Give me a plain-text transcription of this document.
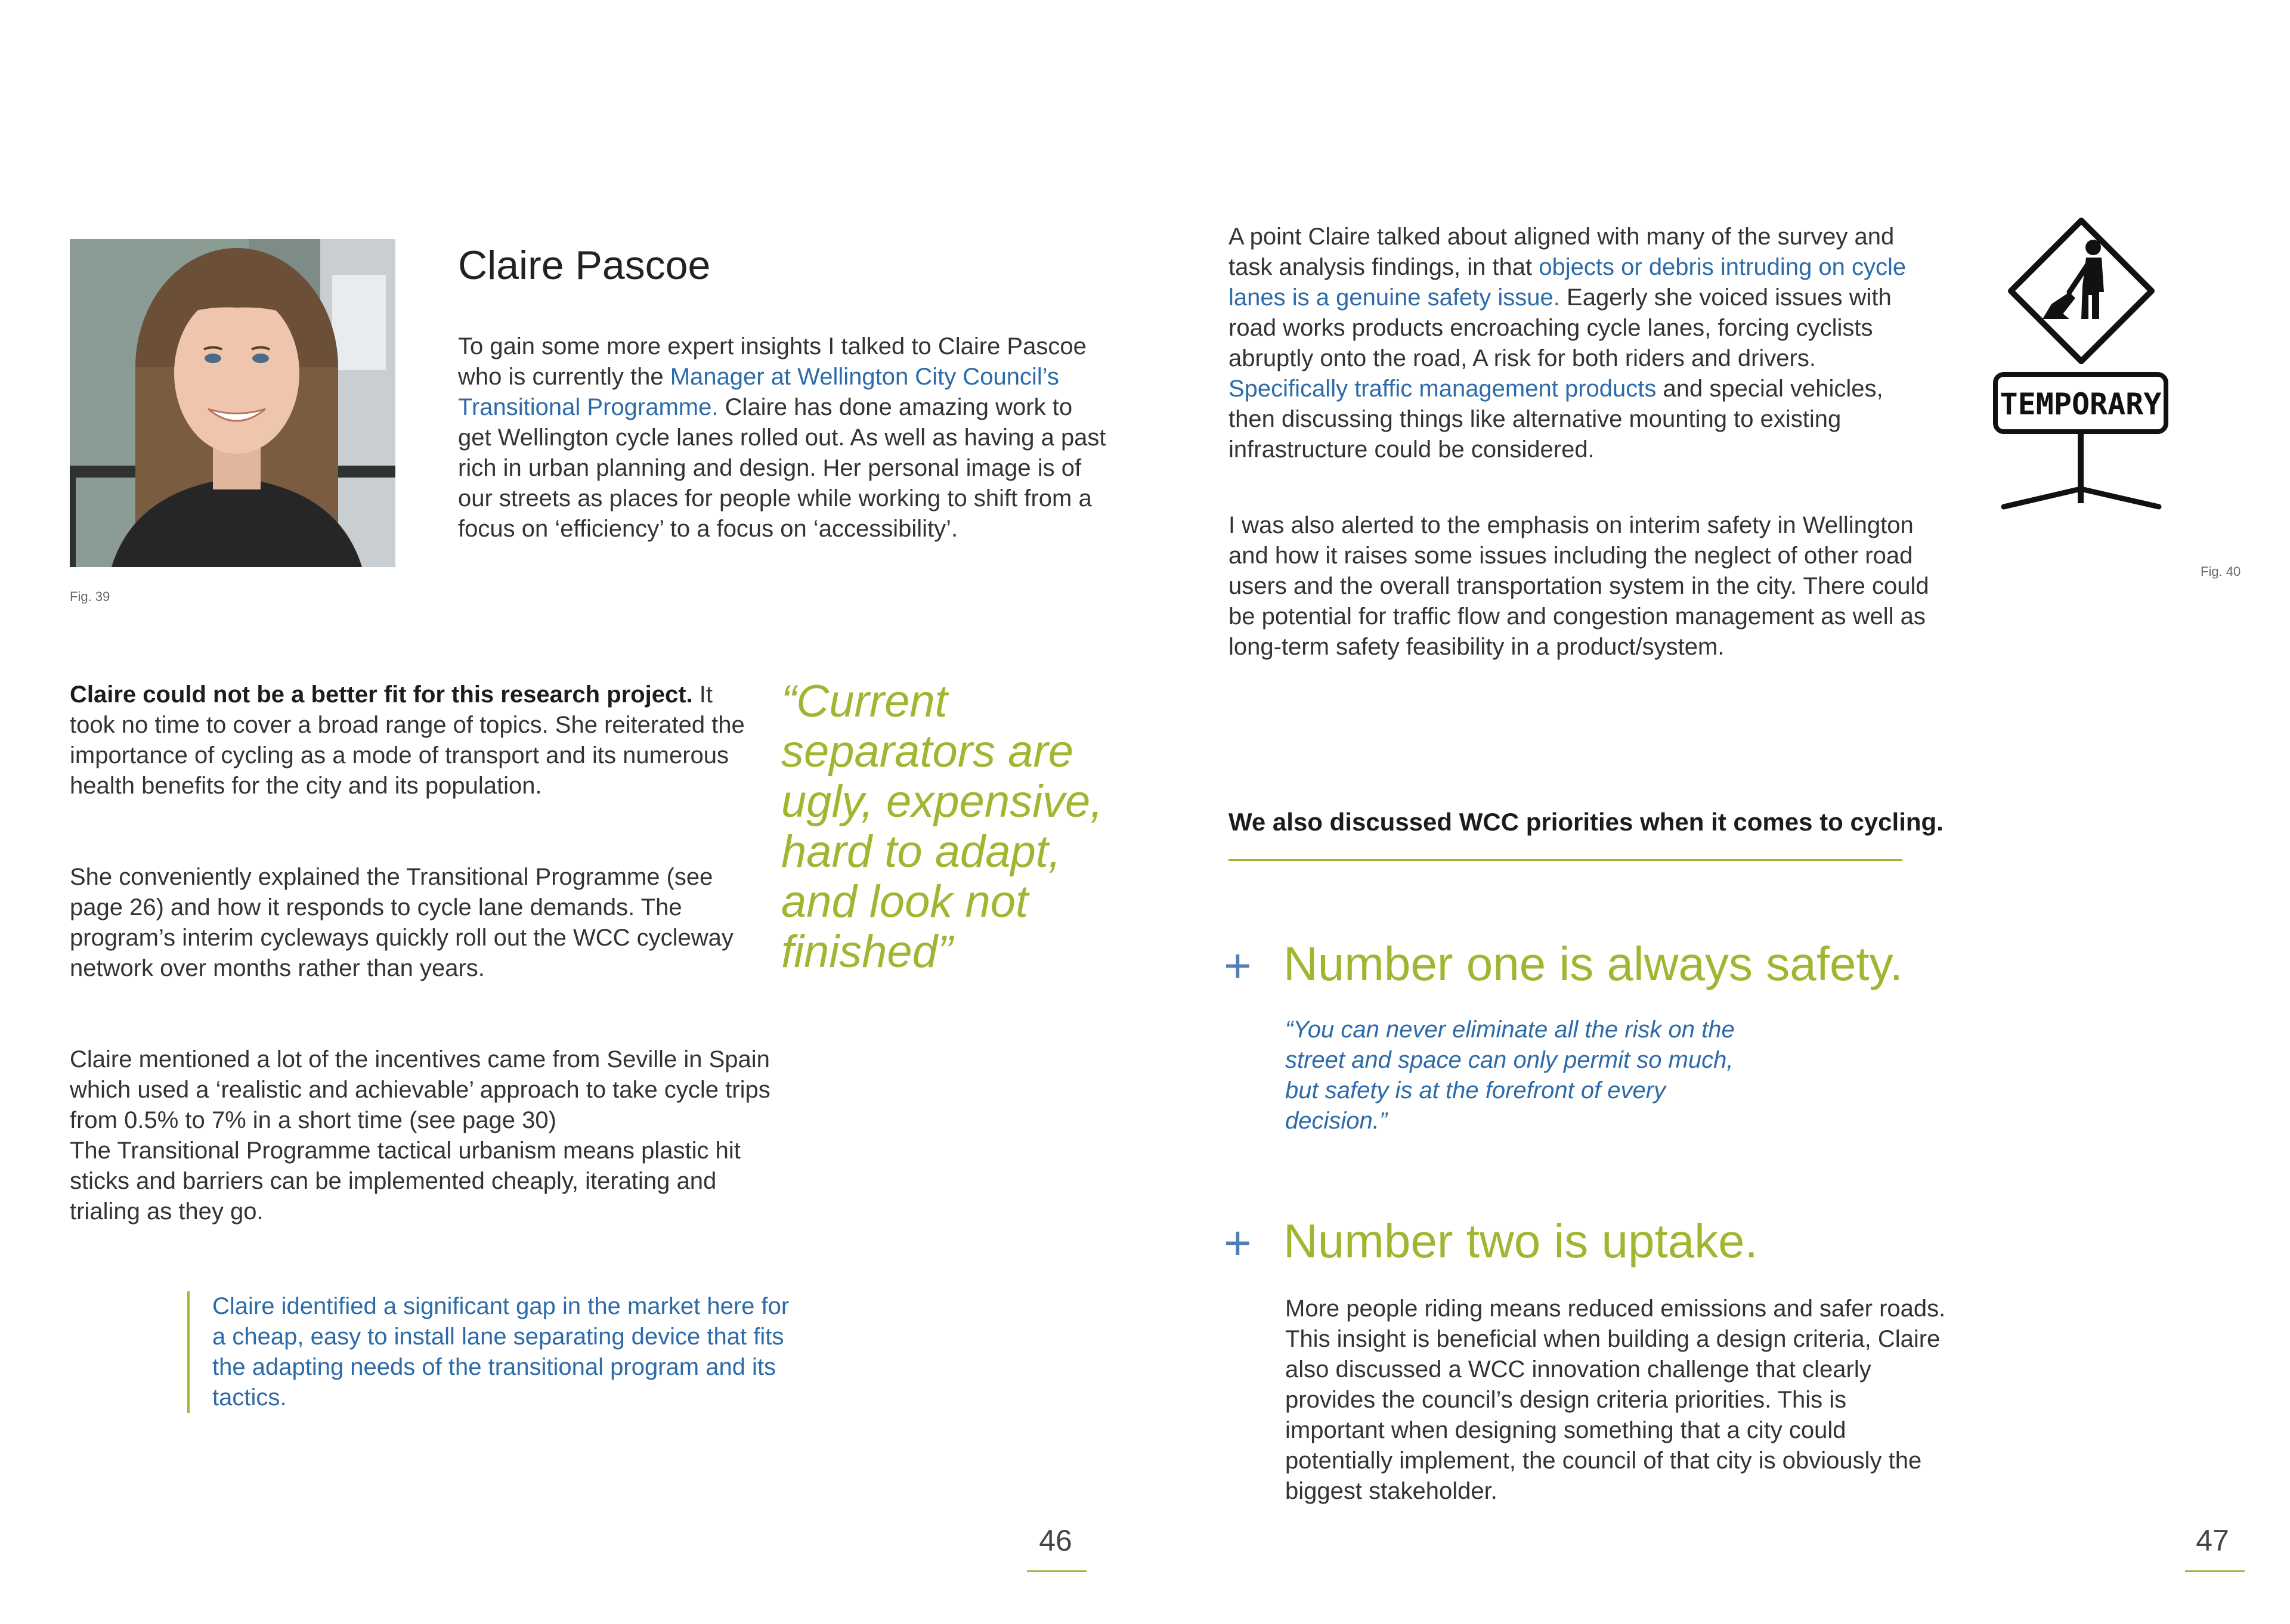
Fig. 39
Claire Pascoe
To gain some more expert insights I talked to Claire Pascoe who is currently the Manager at Wellington City Council’s Transitional Programme. Claire has done amazing work to get Wellington cycle lanes rolled out. As well as having a past rich in urban planning and design. Her personal image is of our streets as places for people while working to shift from a focus on ‘efficiency’ to a focus on ‘accessibility’.
Claire could not be a better fit for this research project. It took no time to cover a broad range of topics. She reiterated the importance of cycling as a mode of transport and its numerous health benefits for the city and its population.
She conveniently explained the Transitional Programme (see page 26) and how it responds to cycle lane demands. The program’s interim cycleways quickly roll out the WCC cycleway network over months rather than years.
Claire mentioned a lot of the incentives came from Seville in Spain which used a ‘realistic and achievable’ approach to take cycle trips from 0.5% to 7% in a short time (see page 30)
The Transitional Programme tactical urbanism means plastic hit sticks and barriers can be implemented cheaply, iterating and trialing as they go.
“Current separators are ugly, expensive, hard to adapt, and look not finished”
Claire identified a significant gap in the market here for a cheap, easy to install lane separating device that fits the adapting needs of the transitional program and its tactics.
46
A point Claire talked about aligned with many of the survey and task analysis findings, in that objects or debris intruding on cycle lanes is a genuine safety issue. Eagerly she voiced issues with road works products encroaching cycle lanes, forcing cyclists abruptly onto the road, A risk for both riders and drivers. Specifically traffic management products and special vehicles, then discussing things like alternative mounting to existing infrastructure could be considered.
I was also alerted to the emphasis on interim safety in Wellington and how it raises some issues including the neglect of other road users and the overall transportation system in the city. There could be potential for traffic flow and congestion management as well as long-term safety feasibility in a product/system.
We also discussed WCC priorities when it comes to cycling.
+ Number one is always safety.
“You can never eliminate all the risk on the street and space can only permit so much, but safety is at the forefront of every decision.”
+ Number two is uptake.
More people riding means reduced emissions and safer roads. This insight is beneficial when building a design criteria, Claire also discussed a WCC innovation challenge that clearly provides the council’s design criteria priorities. This is important when designing something that a city could potentially implement, the council of that city is obviously the biggest stakeholder.
TEMPORARY
Fig. 40
47
